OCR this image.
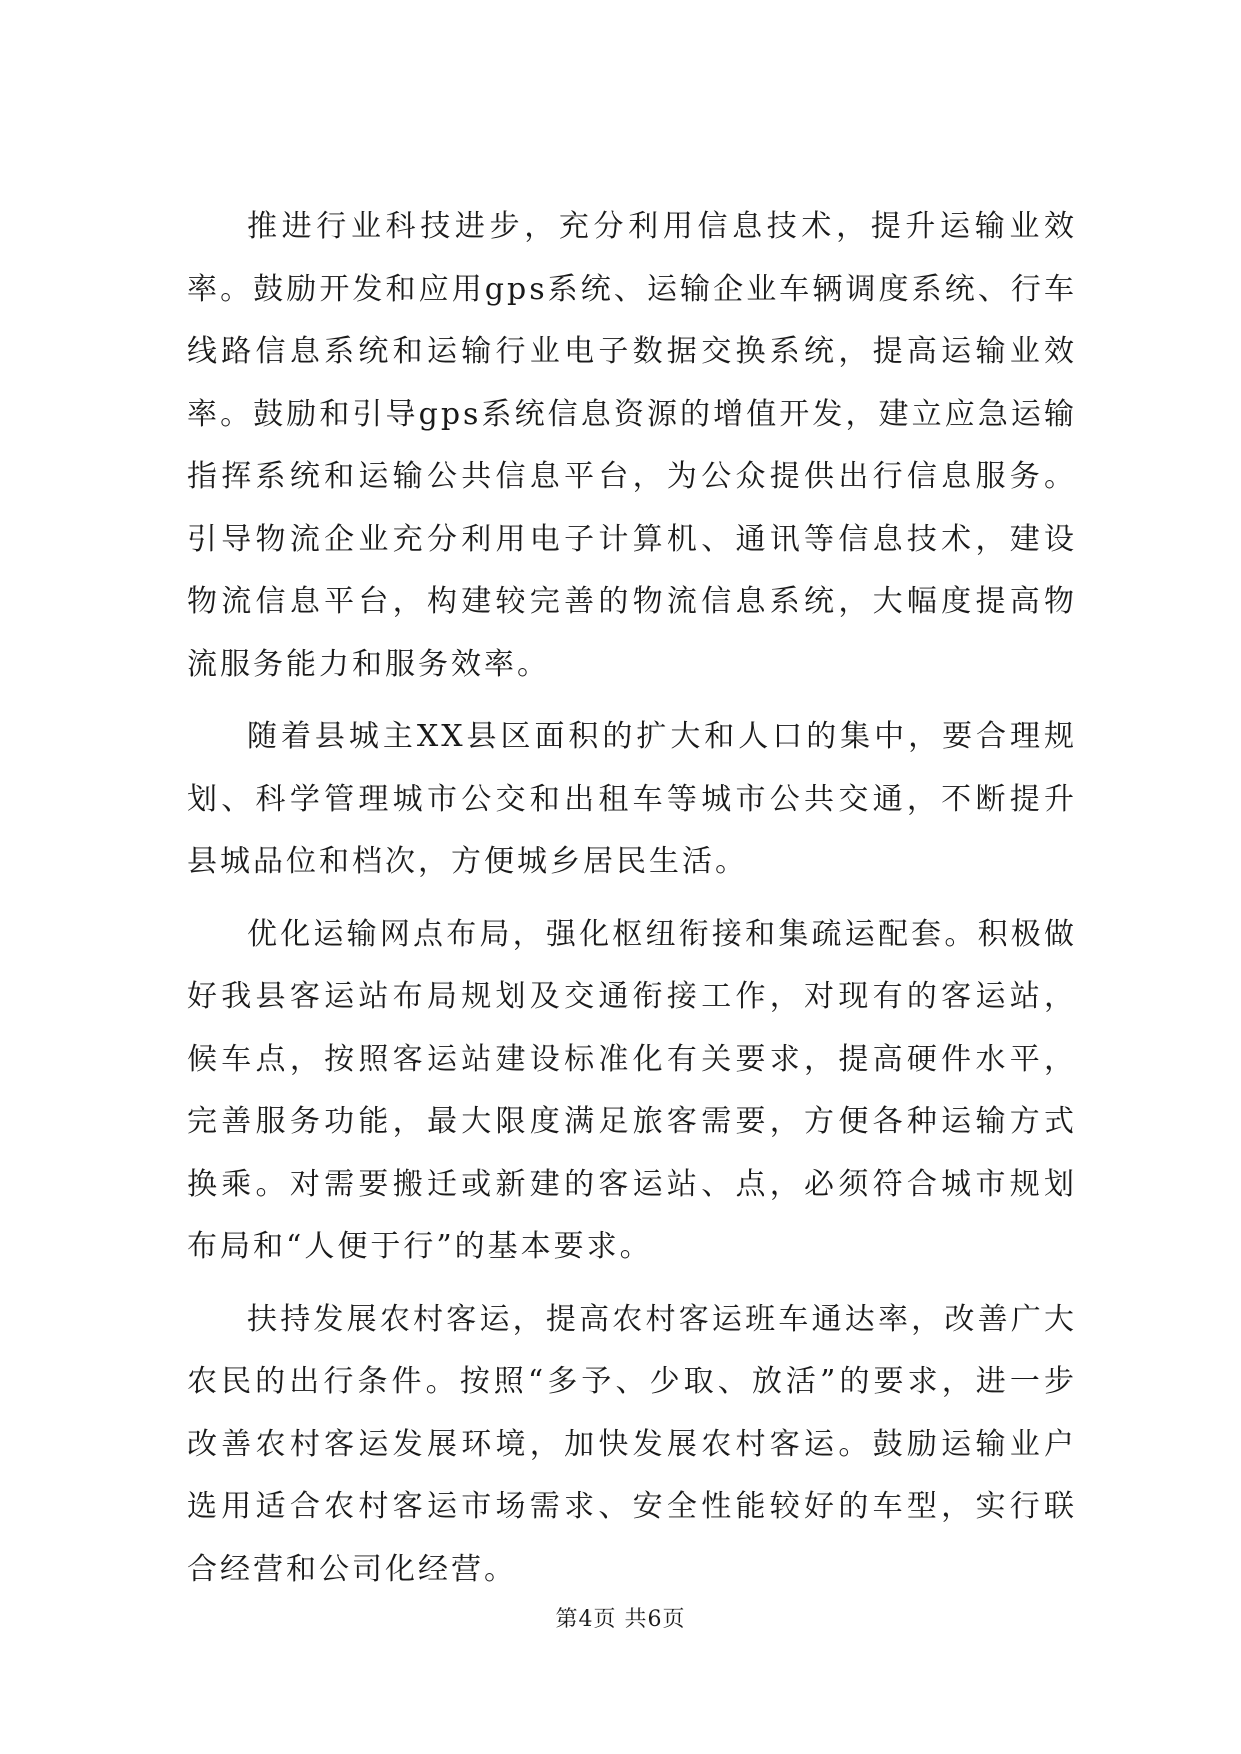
推进行业科技进步，充分利用信息技术，提升运输业效率。鼓励开发和应用gps系统、运输企业车辆调度系统、行车线路信息系统和运输行业电子数据交换系统，提高运输业效率。鼓励和引导gps系统信息资源的增值开发，建立应急运输指挥系统和运输公共信息平台，为公众提供出行信息服务。引导物流企业充分利用电子计算机、通讯等信息技术，建设物流信息平台，构建较完善的物流信息系统，大幅度提高物流服务能力和服务效率。

随着县城主XX县区面积的扩大和人口的集中，要合理规划、科学管理城市公交和出租车等城市公共交通，不断提升县城品位和档次，方便城乡居民生活。

优化运输网点布局，强化枢纽衔接和集疏运配套。积极做好我县客运站布局规划及交通衔接工作，对现有的客运站，候车点，按照客运站建设标准化有关要求，提高硬件水平，完善服务功能，最大限度满足旅客需要，方便各种运输方式换乘。对需要搬迁或新建的客运站、点，必须符合城市规划布局和“人便于行”的基本要求。

扶持发展农村客运，提高农村客运班车通达率，改善广大农民的出行条件。按照“多予、少取、放活”的要求，进一步改善农村客运发展环境，加快发展农村客运。鼓励运输业户选用适合农村客运市场需求、安全性能较好的车型，实行联合经营和公司化经营。

第4页 共6页
